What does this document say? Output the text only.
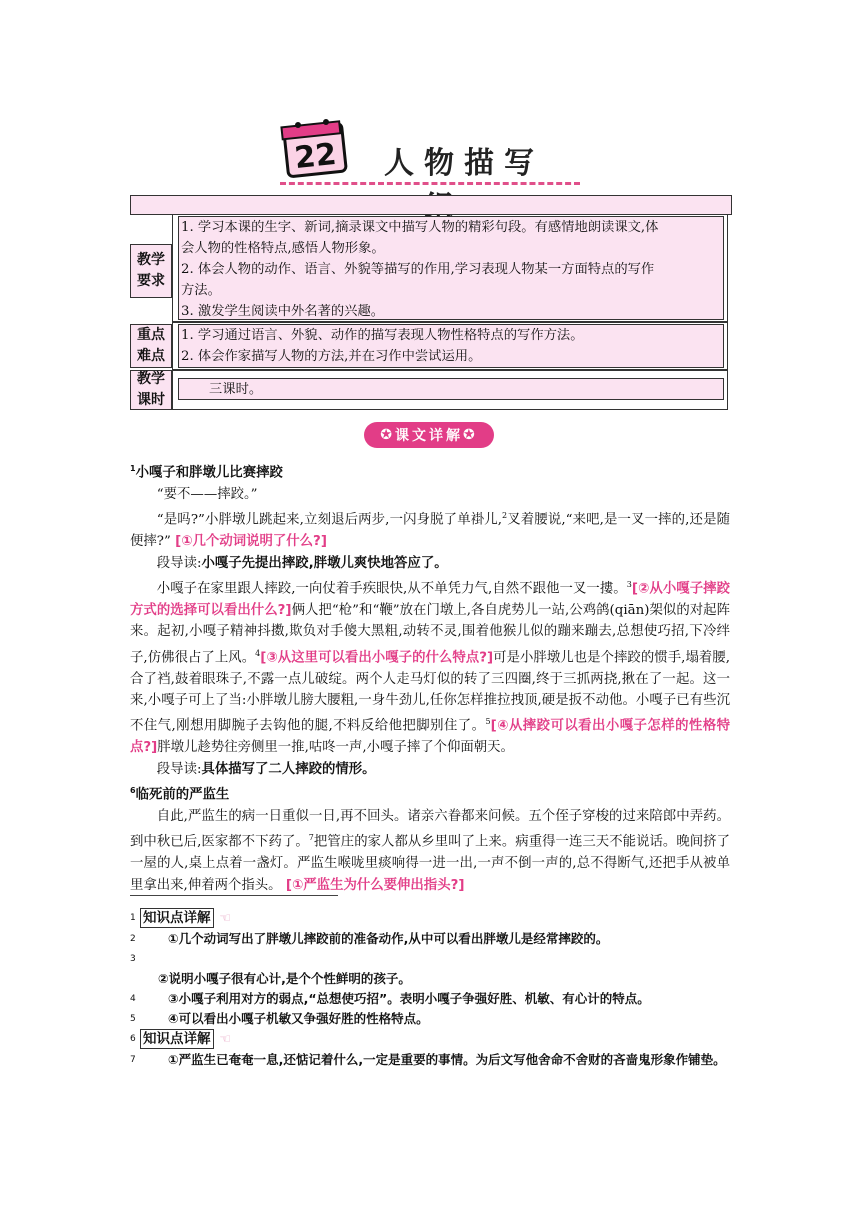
22 人物描写
教学
要求
1. 学习本课的生字、新词,摘录课文中描写人物的精彩句段。有感情地朗读课文,体
会人物的性格特点,感悟人物形象。
2. 体会人物的动作、语言、外貌等描写的作用,学习表现人物某一方面特点的写作
方法。
3. 激发学生阅读中外名著的兴趣。
重点
难点
1. 学习通过语言、外貌、动作的描写表现人物性格特点的写作方法。
2. 体会作家描写人物的方法,并在习作中尝试运用。
教学
课时
三课时。
✪ 课文详解 ✪

$^1$小嘎子和胖墩儿比赛摔跤

“要不——摔跤。”

“是吗?”小胖墩儿跳起来,立刻退后两步,一闪身脱了单褂儿,$^2$叉着腰说,“来吧,是一叉一摔的,还是随便摔?” [①几个动词说明了什么?]

段导读:小嘎子先提出摔跤,胖墩儿爽快地答应了。

小嘎子在家里跟人摔跤,一向仗着手疾眼快,从不单凭力气,自然不跟他一叉一摟。$^3$[②从小嘎子摔跤方式的选择可以看出什么?]俩人把“枪”和“鞭”放在门墩上,各自虎势儿一站,公鸡鸽(qiān)架似的对起阵来。起初,小嘎子精神抖擞,欺负对手傻大黑粗,动转不灵,围着他猴儿似的蹦来蹦去,总想使巧招,下冷绊子,仿佛很占了上风。$^4$[③从这里可以看出小嘎子的什么特点?]可是小胖墩儿也是个摔跤的惯手,塌着腰,合了裆,鼓着眼珠子,不露一点儿破绽。两个人走马灯似的转了三四圈,终于三抓两挠,揪在了一起。这一来,小嘎子可上了当:小胖墩儿膀大腰粗,一身牛劲儿,任你怎样推拉拽顶,硬是扳不动他。小嘎子已有些沉不住气,刚想用脚腕子去钩他的腿,不料反给他把脚别住了。$^5$[④从摔跤可以看出小嘎子怎样的性格特点?]胖墩儿趁势往旁侧里一推,咕咚一声,小嘎子摔了个仰面朝天。

段导读:具体描写了二人摔跤的情形。

$^6$临死前的严监生

自此,严监生的病一日重似一日,再不回头。诸亲六眷都来问候。五个侄子穿梭的过来陪郎中弄药。到中秋已后,医家都不下药了。$^7$把管庄的家人都从乡里叫了上来。病重得一连三天不能说话。晚间挤了一屋的人,桌上点着一盏灯。严监生喉咙里痰响得一进一出,一声不倒一声的,总不得断气,还把手从被单里拿出来,伸着两个指头。 [①严监生为什么要伸出指头?]

1 知识点详解 ☜
2	①几个动词写出了胖墩儿摔跤前的准备动作,从中可以看出胖墩儿是经常摔跤的。
3
②说明小嘎子很有心计,是个个性鲜明的孩子。
4	③小嘎子利用对方的弱点,“总想使巧招”。表明小嘎子争强好胜、机敏、有心计的特点。
5	④可以看出小嘎子机敏又争强好胜的性格特点。
6 知识点详解 ☜
7	①严监生已奄奄一息,还惦记着什么,一定是重要的事情。为后文写他舍命不舍财的吝啬鬼形象作铺垫。
